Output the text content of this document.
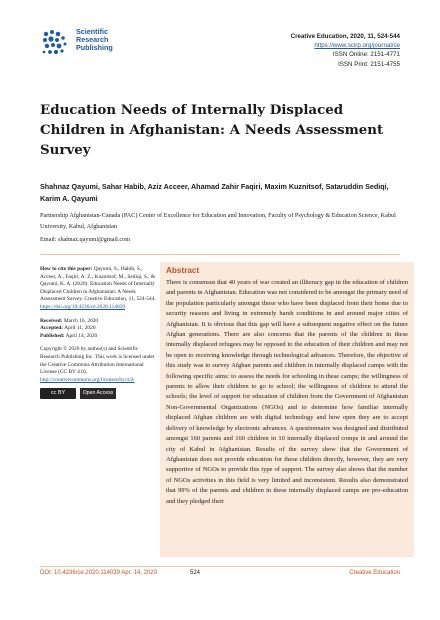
Scientific
Research
Publishing
Creative Education, 2020, 11, 524-544
https://www.scirp.org/journal/ce
ISSN Online: 2151-4771
ISSN Print: 2151-4755
Education Needs of Internally Displaced Children in Afghanistan: A Needs Assessment Survey
Shahnaz Qayumi, Sahar Habib, Aziz Acceer, Ahamad Zahir Faqiri, Maxim Kuznitsof, Sataruddin Sediqi, Karim A. Qayumi
Partnership Afghanistan-Canada (PAC) Center of Excellence for Education and Innovation, Faculty of Psychology & Education Science, Kabul University, Kabul, Afghanistan
Email: shahnaz.qayumi@gmail.com
How to cite this paper: Qayumi, S., Habib, S., Acceer, A., Faqiri, A. Z., Kuznitsof, M., Sediqi, S., & Qayumi, K. A. (2020). Education Needs of Internally Displaced Children in Afghanistan: A Needs Assessment Survey. Creative Education, 11, 524-544. https://doi.org/10.4236/ce.2020.114039
Received: March 16, 2020
Accepted: April 11, 2020
Published: April 14, 2020
Copyright © 2020 by author(s) and Scientific Research Publishing Inc. This work is licensed under the Creative Commons Attribution International License (CC BY 4.0). http://creativecommons.org/licenses/by/4.0/
cc BY	Open Access
Abstract

There is consensus that 40 years of war created an illiteracy gap in the education of children and parents in Afghanistan. Education was not considered to be amongst the primary need of the population particularly amongst those who have been displaced from their home due to security reasons and living in extremely harsh conditions in and around major cities of Afghanistan. It is obvious that this gap will have a subsequent negative effect on the future Afghan generations. There are also concerns that the parents of the children in these internally displaced refugees may be opposed to the education of their children and may not be open to receiving knowledge through technological advances. Therefore, the objective of this study was to survey Afghan parents and children in internally displaced camps with the following specific aims: to assess the needs for schooling in these camps; the willingness of parents to allow their children to go to school; the willingness of children to attend the schools; the level of support for education of children from the Government of Afghanistan Non-Governmental Organizations (NGOs) and to determine how familiar internally displaced Afghan children are with digital technology and how open they are to accept delivery of knowledge by electronic advances. A questionnaire was designed and distributed amongst 160 parents and 160 children in 10 internally displaced comps in and around the city of Kabul in Afghanistan. Results of the survey show that the Government of Afghanistan does not provide education for these children directly, however, they are very supportive of NGOs to provide this type of support. The survey also shows that the number of NGOs activities in this field is very limited and inconsistent. Results also demonstrated that 99% of the parents and children in these internally displaced camps are pro-education and they pledged their

DOI: 10.4236/ce.2020.114039 Apr. 14, 2020	524	Creative Education
